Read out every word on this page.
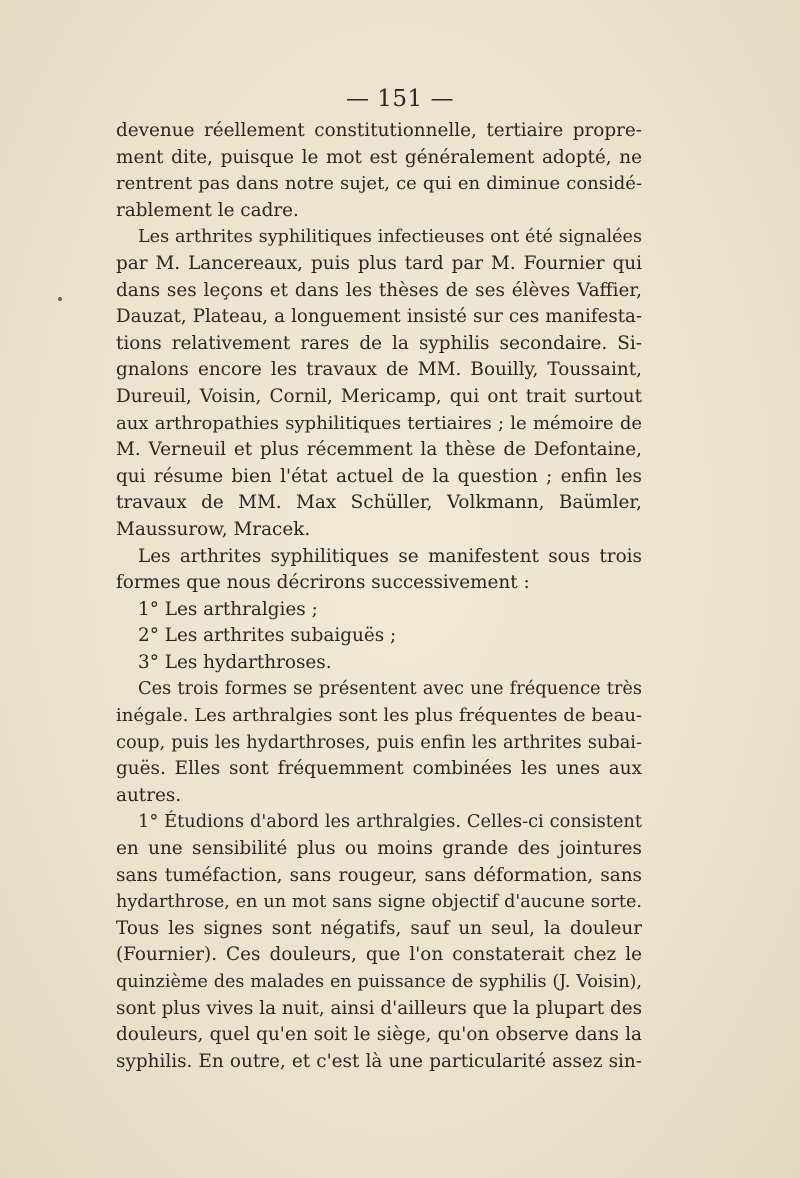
— 151 —
devenue réellement constitutionnelle, tertiaire propre-
ment dite, puisque le mot est généralement adopté, ne
rentrent pas dans notre sujet, ce qui en diminue considé-
rablement le cadre.
Les arthrites syphilitiques infectieuses ont été signalées
par M. Lancereaux, puis plus tard par M. Fournier qui
dans ses leçons et dans les thèses de ses élèves Vaffier,
Dauzat, Plateau, a longuement insisté sur ces manifesta-
tions relativement rares de la syphilis secondaire. Si-
gnalons encore les travaux de MM. Bouilly, Toussaint,
Dureuil, Voisin, Cornil, Mericamp, qui ont trait surtout
aux arthropathies syphilitiques tertiaires ; le mémoire de
M. Verneuil et plus récemment la thèse de Defontaine,
qui résume bien l'état actuel de la question ; enfin les
travaux de MM. Max Schüller, Volkmann, Baümler,
Maussurow, Mracek.
Les arthrites syphilitiques se manifestent sous trois
formes que nous décrirons successivement :
1° Les arthralgies ;
2° Les arthrites subaiguës ;
3° Les hydarthroses.
Ces trois formes se présentent avec une fréquence très
inégale. Les arthralgies sont les plus fréquentes de beau-
coup, puis les hydarthroses, puis enfin les arthrites subai-
guës. Elles sont fréquemment combinées les unes aux
autres.
1° Étudions d'abord les arthralgies. Celles-ci consistent
en une sensibilité plus ou moins grande des jointures
sans tuméfaction, sans rougeur, sans déformation, sans
hydarthrose, en un mot sans signe objectif d'aucune sorte.
Tous les signes sont négatifs, sauf un seul, la douleur
(Fournier). Ces douleurs, que l'on constaterait chez le
quinzième des malades en puissance de syphilis (J. Voisin),
sont plus vives la nuit, ainsi d'ailleurs que la plupart des
douleurs, quel qu'en soit le siège, qu'on observe dans la
syphilis. En outre, et c'est là une particularité assez sin-
